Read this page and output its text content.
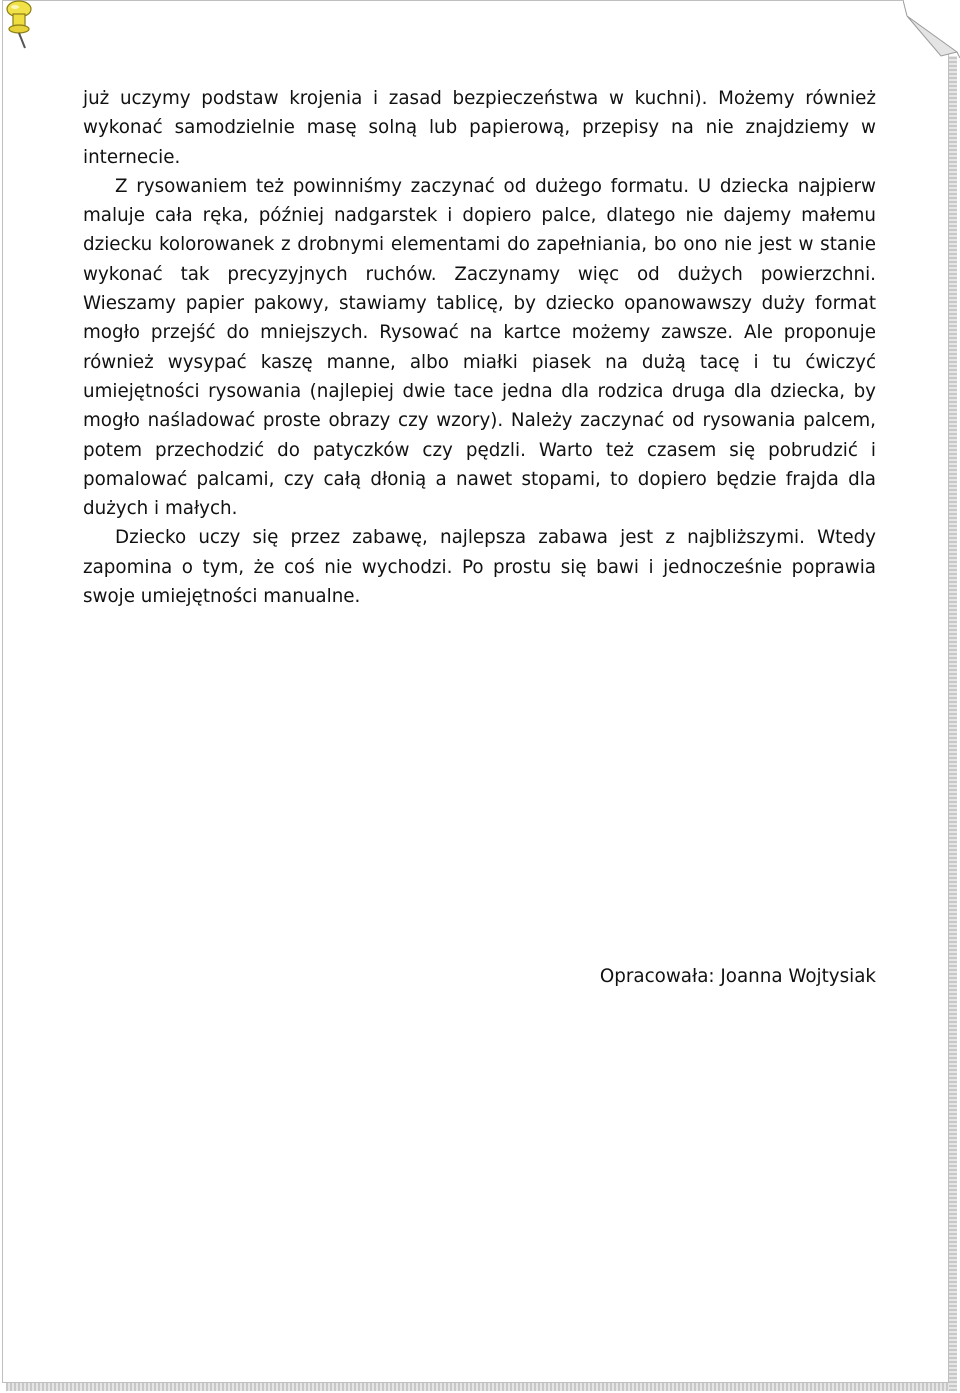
już uczymy podstaw krojenia i zasad bezpieczeństwa w kuchni). Możemy również wykonać samodzielnie masę solną lub papierową, przepisy na nie znajdziemy w internecie.

Z rysowaniem też powinniśmy zaczynać od dużego formatu. U dziecka najpierw maluje cała ręka, później nadgarstek i dopiero palce, dlatego nie dajemy małemu dziecku kolorowanek z drobnymi elementami do zapełniania, bo ono nie jest w stanie wykonać tak precyzyjnych ruchów. Zaczynamy więc od dużych powierzchni. Wieszamy papier pakowy, stawiamy tablicę, by dziecko opanowawszy duży format mogło przejść do mniejszych. Rysować na kartce możemy zawsze. Ale proponuje również wysypać kaszę manne, albo miałki piasek na dużą tacę i tu ćwiczyć umiejętności rysowania (najlepiej dwie tace jedna dla rodzica druga dla dziecka, by mogło naśladować proste obrazy czy wzory). Należy zaczynać od rysowania palcem, potem przechodzić do patyczków czy pędzli. Warto też czasem się pobrudzić i pomalować palcami, czy całą dłonią a nawet stopami, to dopiero będzie frajda dla dużych i małych.

Dziecko uczy się przez zabawę, najlepsza zabawa jest z najbliższymi. Wtedy zapomina o tym, że coś nie wychodzi. Po prostu się bawi i jednocześnie poprawia swoje umiejętności manualne.

Opracowała: Joanna Wojtysiak
